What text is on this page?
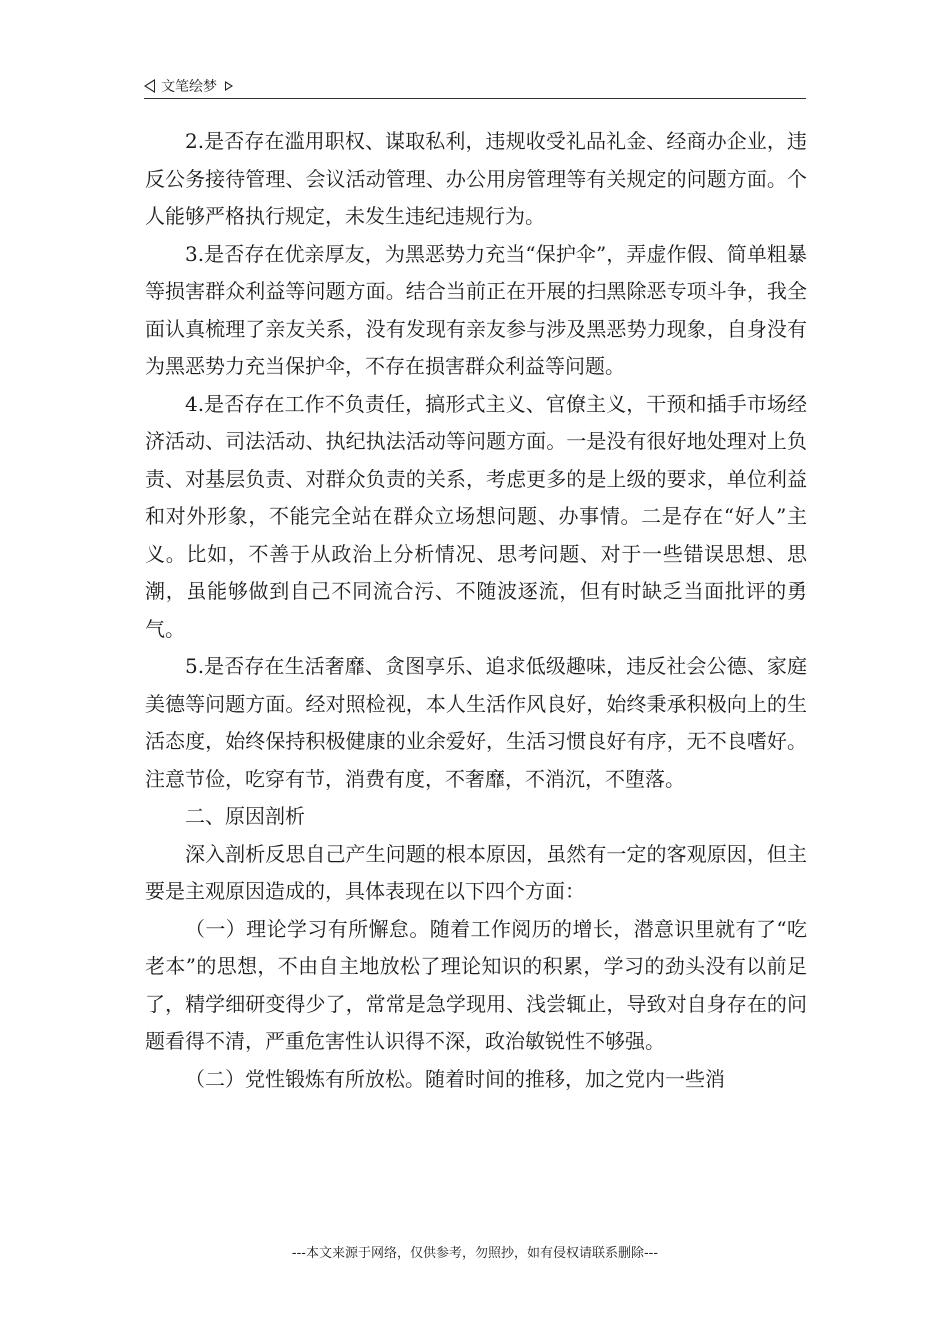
文笔绘梦

2.是否存在滥用职权、谋取私利，违规收受礼品礼金、经商办企业，违反公务接待管理、会议活动管理、办公用房管理等有关规定的问题方面。个人能够严格执行规定，未发生违纪违规行为。

3.是否存在优亲厚友，为黑恶势力充当“保护伞”，弄虚作假、简单粗暴等损害群众利益等问题方面。结合当前正在开展的扫黑除恶专项斗争，我全面认真梳理了亲友关系，没有发现有亲友参与涉及黑恶势力现象，自身没有为黑恶势力充当保护伞，不存在损害群众利益等问题。

4.是否存在工作不负责任，搞形式主义、官僚主义，干预和插手市场经济活动、司法活动、执纪执法活动等问题方面。一是没有很好地处理对上负责、对基层负责、对群众负责的关系，考虑更多的是上级的要求，单位利益和对外形象，不能完全站在群众立场想问题、办事情。二是存在“好人”主义。比如，不善于从政治上分析情况、思考问题、对于一些错误思想、思潮，虽能够做到自己不同流合污、不随波逐流，但有时缺乏当面批评的勇气。

5.是否存在生活奢靡、贪图享乐、追求低级趣味，违反社会公德、家庭美德等问题方面。经对照检视，本人生活作风良好，始终秉承积极向上的生活态度，始终保持积极健康的业余爱好，生活习惯良好有序，无不良嗜好。注意节俭，吃穿有节，消费有度，不奢靡，不消沉，不堕落。

二、原因剖析

深入剖析反思自己产生问题的根本原因，虽然有一定的客观原因，但主要是主观原因造成的，具体表现在以下四个方面：

（一）理论学习有所懈怠。随着工作阅历的增长，潜意识里就有了“吃老本”的思想，不由自主地放松了理论知识的积累，学习的劲头没有以前足了，精学细研变得少了，常常是急学现用、浅尝辄止，导致对自身存在的问题看得不清，严重危害性认识得不深，政治敏锐性不够强。

（二）党性锻炼有所放松。随着时间的推移，加之党内一些消

---本文来源于网络，仅供参考，勿照抄，如有侵权请联系删除---
